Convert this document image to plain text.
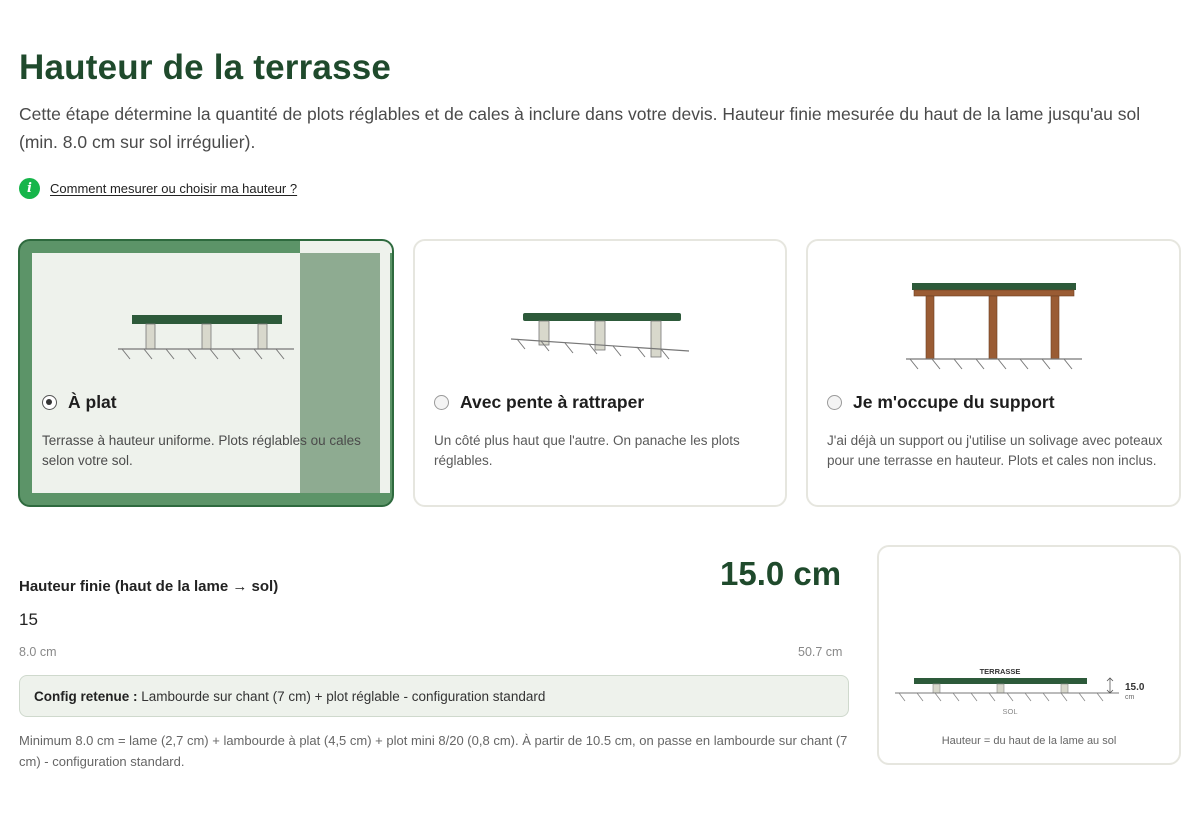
Hauteur de la terrasse

Cette étape détermine la quantité de plots réglables et de cales à inclure dans votre devis. Hauteur finie mesurée du haut de la lame jusqu'au sol (min. 8.0 cm sur sol irrégulier).

i	Comment mesurer ou choisir ma hauteur ?
À plat

Terrasse à hauteur uniforme. Plots réglables ou cales selon votre sol.

Avec pente à rattraper

Un côté plus haut que l'autre. On panache les plots réglables.

Je m'occupe du support

J'ai déjà un support ou j'utilise un solivage avec poteaux pour une terrasse en hauteur. Plots et cales non inclus.

Hauteur finie (haut de la lame → sol)	15.0 cm
15
8.0 cm	50.7 cm
Config retenue : Lambourde sur chant (7 cm) + plot réglable - configuration standard

Minimum 8.0 cm = lame (2,7 cm) + lambourde à plat (4,5 cm) + plot mini 8/20 (0,8 cm). À partir de 10.5 cm, on passe en lambourde sur chant (7 cm) - configuration standard.

TERRASSE
15.0
cm
SOL
Hauteur = du haut de la lame au sol
